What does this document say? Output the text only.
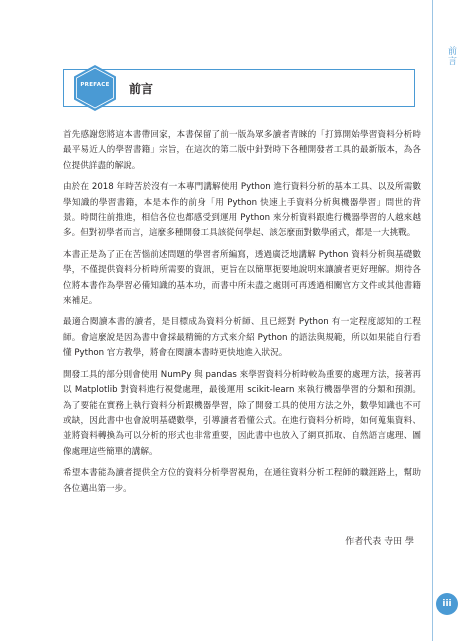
前言
iii
PREFACE	前言

首先感謝您將這本書帶回家，本書保留了前一版為眾多讀者青睞的「打算開始學習資料分析時最平易近人的學習書籍」宗旨，在這次的第二版中針對時下各種開發者工具的最新版本，為各位提供詳盡的解說。

由於在 2018 年時苦於沒有一本專門講解使用 Python 進行資料分析的基本工具、以及所需數學知識的學習書籍，本是本作的前身「用 Python 快速上手資料分析與機器學習」問世的背景。時間往前推進，相信各位也都感受到運用 Python 來分析資料跟進行機器學習的人越來越多。但對初學者而言，這麼多種開發工具該從何學起、該怎麼面對數學函式，都是一大挑戰。

本書正是為了正在苦惱前述問題的學習者所編寫，透過廣泛地講解 Python 資料分析與基礎數學，不僅提供資料分析時所需要的資訊，更旨在以簡單扼要地說明來讓讀者更好理解。期待各位將本書作為學習必備知識的基本功，而書中所未盡之處則可再透過相關官方文件或其他書籍來補足。

最適合閱讀本書的讀者，是目標成為資料分析師、且已經對 Python 有一定程度認知的工程師。會這麼說是因為書中會採最精簡的方式來介紹 Python 的語法與規範，所以如果能自行看懂 Python 官方教學，將會在閱讀本書時更快地進入狀況。

開發工具的部分則會使用 NumPy 與 pandas 來學習資料分析時較為重要的處理方法，接著再以 Matplotlib 對資料進行視覺處理，最後運用 scikit-learn 來執行機器學習的分類和預測。為了要能在實務上執行資料分析跟機器學習，除了開發工具的使用方法之外，數學知識也不可或缺，因此書中也會說明基礎數學，引導讀者看懂公式。在進行資料分析時，如何蒐集資料、並將資料轉換為可以分析的形式也非常重要，因此書中也放入了網頁抓取、自然語言處理、圖像處理這些簡單的講解。

希望本書能為讀者提供全方位的資料分析學習視角，在通往資料分析工程師的職涯路上，幫助各位邁出第一步。

作者代表 寺田 學
